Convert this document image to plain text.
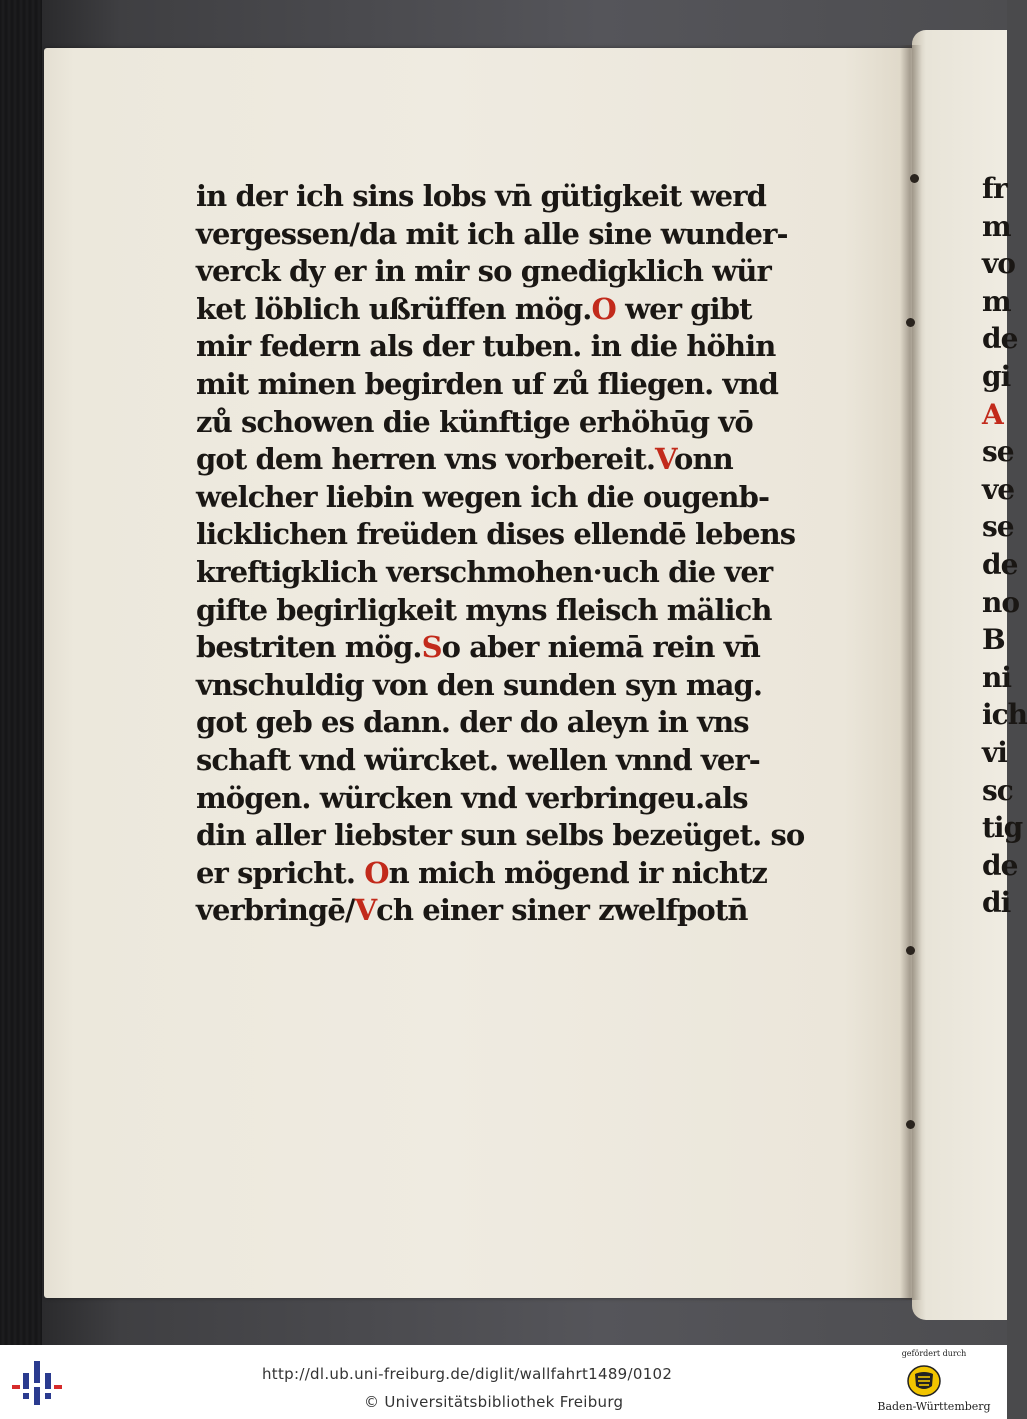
in der ich sins lobs vn̄ gütigkeit werd
vergessen/da mit ich alle sine wunder-
verck dy er in mir so gnedigklich wür
ket löblich ußrüffen mög.O wer gibt
mir federn als der tuben. in die höhin
mit minen begirden uf zů fliegen. vnd
zů schowen die künftige erhöhūg vō
got dem herren vns vorbereit.Vonn
welcher liebin wegen ich die ougenb-
licklichen freüden dises ellendē lebens
kreftigklich verschmohen·uch die ver
gifte begirligkeit myns fleisch mälich
bestriten mög.So aber niemā rein vn̄
vnschuldig von den sunden syn mag.
got geb es dann. der do aleyn in vns
schaft vnd würcket. wellen vnnd ver-
mögen. würcken vnd verbringeu.als
din aller liebster sun selbs bezeüget. so
er spricht. On mich mögend ir nichtz
verbringē/Vch einer siner zwelfpotn̄
fr
m
vo
m
de
gi
A
se
ve
se
de
no
B
ni
ich
vi
sc
tig
de
di
http://dl.ub.uni-freiburg.de/diglit/wallfahrt1489/0102
© Universitätsbibliothek Freiburg
gefördert durch
Baden-Württemberg
